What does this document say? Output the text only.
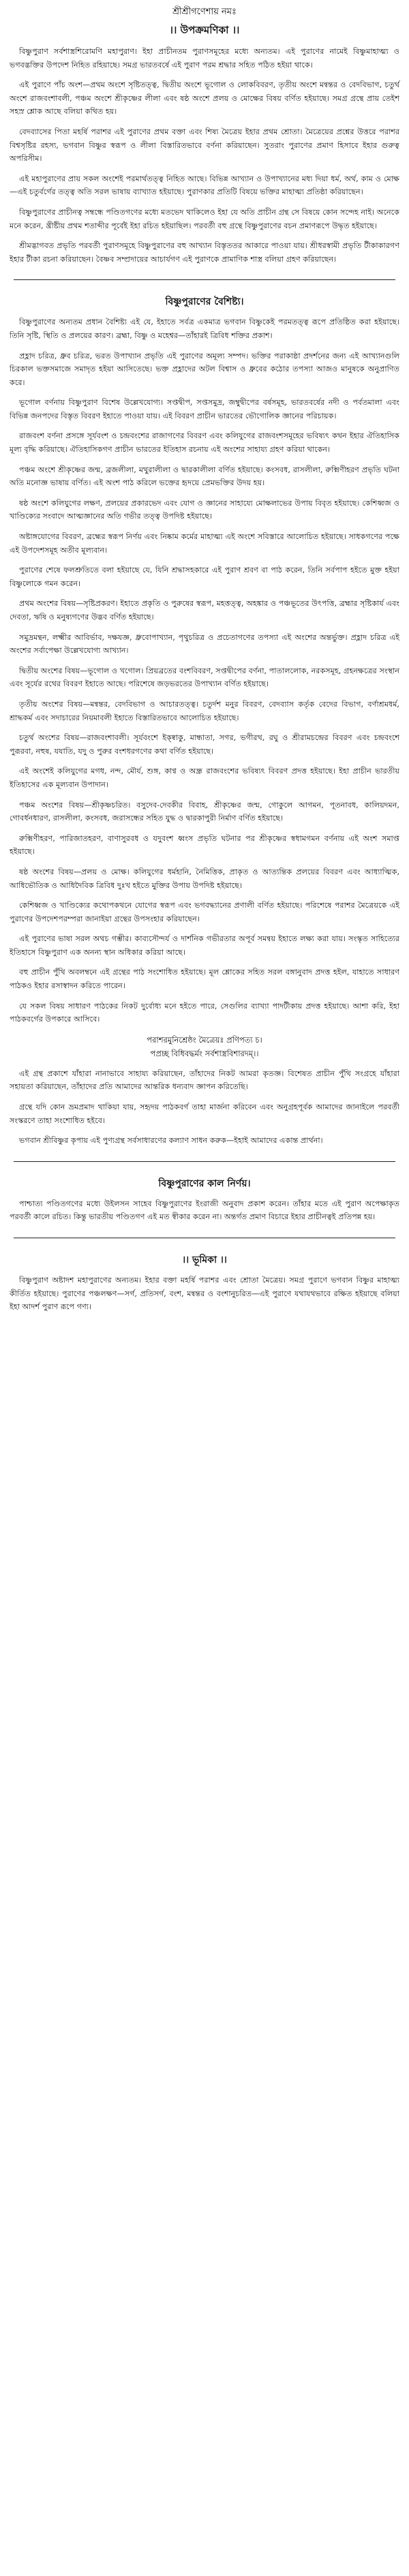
শ্রীশ্রীগণেশায় নমঃ
।। উপক্রমণিকা ।।

বিষ্ণুপুরাণ সর্বশাস্ত্রশিরোমণি মহাপুরাণ। ইহা প্রাচীনতম পুরাণসমূহের মধ্যে অন্যতম। এই পুরাণের নামেই বিষ্ণুমাহাত্ম্য ও ভগবদ্ভক্তির উপদেশ নিহিত রহিয়াছে। সমগ্র ভারতবর্ষে এই পুরাণ পরম শ্রদ্ধার সহিত পঠিত হইয়া থাকে।

এই পুরাণে পাঁচ অংশ—প্রথম অংশে সৃষ্টিতত্ত্ব, দ্বিতীয় অংশে ভূগোল ও লোকবিবরণ, তৃতীয় অংশে মন্বন্তর ও বেদবিভাগ, চতুর্থ অংশে রাজবংশাবলী, পঞ্চম অংশে শ্রীকৃষ্ণের লীলা এবং ষষ্ঠ অংশে প্রলয় ও মোক্ষের বিষয় বর্ণিত হইয়াছে। সমগ্র গ্রন্থে প্রায় তেইশ সহস্র শ্লোক আছে বলিয়া কথিত হয়।

বেদব্যাসের পিতা মহর্ষি পরাশর এই পুরাণের প্রথম বক্তা এবং শিষ্য মৈত্রেয় ইহার প্রথম শ্রোতা। মৈত্রেয়ের প্রশ্নের উত্তরে পরাশর বিশ্বসৃষ্টির রহস্য, ভগবান বিষ্ণুর স্বরূপ ও লীলা বিস্তারিতভাবে বর্ণনা করিয়াছেন। সুতরাং পুরাণের প্রমাণ হিসাবে ইহার গুরুত্ব অপরিসীম।

এই মহাপুরাণের প্রায় সকল অংশেই পরমার্থতত্ত্ব নিহিত আছে। বিভিন্ন আখ্যান ও উপাখ্যানের মধ্য দিয়া ধর্ম, অর্থ, কাম ও মোক্ষ—এই চতুর্বর্গের তত্ত্ব অতি সরল ভাষায় ব্যাখ্যাত হইয়াছে। পুরাণকার প্রতিটি বিষয়ে ভক্তির মাহাত্ম্য প্রতিষ্ঠা করিয়াছেন।

বিষ্ণুপুরাণের প্রাচীনত্ব সম্বন্ধে পণ্ডিতগণের মধ্যে মতভেদ থাকিলেও ইহা যে অতি প্রাচীন গ্রন্থ সে বিষয়ে কোন সন্দেহ নাই। অনেকে মনে করেন, খ্রীষ্টীয় প্রথম শতাব্দীর পূর্বেই ইহা রচিত হইয়াছিল। পরবর্তী বহু গ্রন্থে বিষ্ণুপুরাণের বচন প্রমাণরূপে উদ্ধৃত হইয়াছে।

শ্রীমদ্ভাগবত প্রভৃতি পরবর্তী পুরাণসমূহে বিষ্ণুপুরাণের বহু আখ্যান বিস্তৃততর আকারে পাওয়া যায়। শ্রীধরস্বামী প্রভৃতি টীকাকারগণ ইহার টীকা রচনা করিয়াছেন। বৈষ্ণব সম্প্রদায়ের আচার্যগণ এই পুরাণকে প্রামাণিক শাস্ত্র বলিয়া গ্রহণ করিয়াছেন।

বিষ্ণুপুরাণের বৈশিষ্ট্য।

বিষ্ণুপুরাণের অন্যতম প্রধান বৈশিষ্ট্য এই যে, ইহাতে সর্বত্র একমাত্র ভগবান বিষ্ণুকেই পরমতত্ত্ব রূপে প্রতিষ্ঠিত করা হইয়াছে। তিনি সৃষ্টি, স্থিতি ও প্রলয়ের কারণ। ব্রহ্মা, বিষ্ণু ও মহেশ্বর—তাঁহারই ত্রিবিধ শক্তির প্রকাশ।

প্রহ্লাদ চরিত্র, ধ্রুব চরিত্র, ভরত উপাখ্যান প্রভৃতি এই পুরাণের অমূল্য সম্পদ। ভক্তির পরাকাষ্ঠা প্রদর্শনের জন্য এই আখ্যানগুলি চিরকাল ভক্তসমাজে সমাদৃত হইয়া আসিতেছে। ভক্ত প্রহ্লাদের অটল বিশ্বাস ও ধ্রুবের কঠোর তপস্যা আজও মানুষকে অনুপ্রাণিত করে।

ভূগোল বর্ণনায় বিষ্ণুপুরাণ বিশেষ উল্লেখযোগ্য। সপ্তদ্বীপ, সপ্তসমুদ্র, জম্বুদ্বীপের বর্ষসমূহ, ভারতবর্ষের নদী ও পর্বতমালা এবং বিভিন্ন জনপদের বিস্তৃত বিবরণ ইহাতে পাওয়া যায়। এই বিবরণ প্রাচীন ভারতের ভৌগোলিক জ্ঞানের পরিচায়ক।

রাজবংশ বর্ণনা প্রসঙ্গে সূর্যবংশ ও চন্দ্রবংশের রাজাগণের বিবরণ এবং কলিযুগের রাজবংশসমূহের ভবিষ্যৎ কথন ইহার ঐতিহাসিক মূল্য বৃদ্ধি করিয়াছে। ঐতিহাসিকগণ প্রাচীন ভারতের ইতিহাস রচনায় এই অংশের সাহায্য গ্রহণ করিয়া থাকেন।

পঞ্চম অংশে শ্রীকৃষ্ণের জন্ম, ব্রজলীলা, মথুরালীলা ও দ্বারকালীলা বর্ণিত হইয়াছে। কংসবধ, রাসলীলা, রুক্মিণীহরণ প্রভৃতি ঘটনা অতি মনোজ্ঞ ভাষায় বর্ণিত। এই অংশ পাঠ করিলে ভক্তের হৃদয়ে প্রেমভক্তির উদয় হয়।

ষষ্ঠ অংশে কলিযুগের লক্ষণ, প্রলয়ের প্রকারভেদ এবং যোগ ও জ্ঞানের সাহায্যে মোক্ষলাভের উপায় বিবৃত হইয়াছে। কেশিধ্বজ ও খাণ্ডিক্যের সংবাদে আত্মজ্ঞানের অতি গভীর তত্ত্ব উপদিষ্ট হইয়াছে।

অষ্টাঙ্গযোগের বিবরণ, ব্রহ্মের স্বরূপ নির্ণয় এবং নিষ্কাম কর্মের মাহাত্ম্য এই অংশে সবিস্তারে আলোচিত হইয়াছে। সাধকগণের পক্ষে এই উপদেশসমূহ অতীব মূল্যবান।

পুরাণের শেষে ফলশ্রুতিতে বলা হইয়াছে যে, যিনি শ্রদ্ধাসহকারে এই পুরাণ শ্রবণ বা পাঠ করেন, তিনি সর্বপাপ হইতে মুক্ত হইয়া বিষ্ণুলোকে গমন করেন।

প্রথম অংশের বিষয়—সৃষ্টিপ্রকরণ। ইহাতে প্রকৃতি ও পুরুষের স্বরূপ, মহত্তত্ত্ব, অহঙ্কার ও পঞ্চভূতের উৎপত্তি, ব্রহ্মার সৃষ্টিকার্য এবং দেবতা, ঋষি ও মনুষ্যগণের উদ্ভব বর্ণিত হইয়াছে।

সমুদ্রমন্থন, লক্ষ্মীর আবির্ভাব, দক্ষযজ্ঞ, ধ্রুবোপাখ্যান, পৃথুচরিত্র ও প্রচেতাগণের তপস্যা এই অংশের অন্তর্ভুক্ত। প্রহ্লাদ চরিত্র এই অংশের সর্বাপেক্ষা উল্লেখযোগ্য আখ্যান।

দ্বিতীয় অংশের বিষয়—ভূগোল ও খগোল। প্রিয়ব্রতের বংশবিবরণ, সপ্তদ্বীপের বর্ণনা, পাতাললোক, নরকসমূহ, গ্রহনক্ষত্রের সংস্থান এবং সূর্যের রথের বিবরণ ইহাতে আছে। পরিশেষে জড়ভরতের উপাখ্যান বর্ণিত হইয়াছে।

তৃতীয় অংশের বিষয়—মন্বন্তর, বেদবিভাগ ও আচারতত্ত্ব। চতুর্দশ মনুর বিবরণ, বেদব্যাস কর্তৃক বেদের বিভাগ, বর্ণাশ্রমধর্ম, শ্রাদ্ধকর্ম এবং সদাচারের নিয়মাবলী ইহাতে বিস্তারিতভাবে আলোচিত হইয়াছে।

চতুর্থ অংশের বিষয়—রাজবংশাবলী। সূর্যবংশে ইক্ষ্বাকু, মান্ধাতা, সগর, ভগীরথ, রঘু ও শ্রীরামচন্দ্রের বিবরণ এবং চন্দ্রবংশে পুরূরবা, নহুষ, যযাতি, যদু ও পুরুর বংশধরগণের কথা বর্ণিত হইয়াছে।

এই অংশেই কলিযুগের মগধ, নন্দ, মৌর্য, শুঙ্গ, কাণ্ব ও অন্ধ্র রাজবংশের ভবিষ্যৎ বিবরণ প্রদত্ত হইয়াছে। ইহা প্রাচীন ভারতীয় ইতিহাসের এক মূল্যবান উপাদান।

পঞ্চম অংশের বিষয়—শ্রীকৃষ্ণচরিত। বসুদেব-দেবকীর বিবাহ, শ্রীকৃষ্ণের জন্ম, গোকুলে আগমন, পূতনাবধ, কালিয়দমন, গোবর্ধনধারণ, রাসলীলা, কংসবধ, জরাসন্ধের সহিত যুদ্ধ ও দ্বারকাপুরী নির্মাণ বর্ণিত হইয়াছে।

রুক্মিণীহরণ, পারিজাতহরণ, বাণাসুরবধ ও যদুবংশ ধ্বংস প্রভৃতি ঘটনার পর শ্রীকৃষ্ণের স্বধামগমন বর্ণনায় এই অংশ সমাপ্ত হইয়াছে।

ষষ্ঠ অংশের বিষয়—প্রলয় ও মোক্ষ। কলিযুগের ধর্মহানি, নৈমিত্তিক, প্রাকৃত ও আত্যন্তিক প্রলয়ের বিবরণ এবং আধ্যাত্মিক, আধিভৌতিক ও আধিদৈবিক ত্রিবিধ দুঃখ হইতে মুক্তির উপায় উপদিষ্ট হইয়াছে।

কেশিধ্বজ ও খাণ্ডিক্যের কথোপকথনে যোগের স্বরূপ এবং ভগবদ্ধ্যানের প্রণালী বর্ণিত হইয়াছে। পরিশেষে পরাশর মৈত্রেয়কে এই পুরাণের উপদেশপরম্পরা জানাইয়া গ্রন্থের উপসংহার করিয়াছেন।

এই পুরাণের ভাষা সরল অথচ গম্ভীর। কাব্যসৌন্দর্য ও দার্শনিক গভীরতার অপূর্ব সমন্বয় ইহাতে লক্ষ্য করা যায়। সংস্কৃত সাহিত্যের ইতিহাসে বিষ্ণুপুরাণ এক অনন্য স্থান অধিকার করিয়া আছে।

বহু প্রাচীন পুঁথি অবলম্বনে এই গ্রন্থের পাঠ সংশোধিত হইয়াছে। মূল শ্লোকের সহিত সরল বঙ্গানুবাদ প্রদত্ত হইল, যাহাতে সাধারণ পাঠকও ইহার রসাস্বাদন করিতে পারেন।

যে সকল বিষয় সাধারণ পাঠকের নিকট দুর্বোধ্য মনে হইতে পারে, সেগুলির ব্যাখ্যা পাদটীকায় প্রদত্ত হইয়াছে। আশা করি, ইহা পাঠকবর্গের উপকারে আসিবে।

পরাশরমুনিশ্রেষ্ঠং মৈত্রেয়ঃ প্রণিপত্য চ।
পপ্রচ্ছ বিধিবদ্ধর্মং সর্বশাস্ত্রবিশারদম্।।

এই গ্রন্থ প্রকাশে যাঁহারা নানাভাবে সাহায্য করিয়াছেন, তাঁহাদের নিকট আমরা কৃতজ্ঞ। বিশেষত প্রাচীন পুঁথি সংগ্রহে যাঁহারা সহায়তা করিয়াছেন, তাঁহাদের প্রতি আমাদের আন্তরিক ধন্যবাদ জ্ঞাপন করিতেছি।

গ্রন্থে যদি কোন ভ্রমপ্রমাদ থাকিয়া যায়, সহৃদয় পাঠকবর্গ তাহা মার্জনা করিবেন এবং অনুগ্রহপূর্বক আমাদের জানাইলে পরবর্তী সংস্করণে তাহা সংশোধিত হইবে।

ভগবান শ্রীবিষ্ণুর কৃপায় এই পুণ্যগ্রন্থ সর্বসাধারণের কল্যাণ সাধন করুক—ইহাই আমাদের একান্ত প্রার্থনা।

বিষ্ণুপুরাণের কাল নির্ণয়।

পাশ্চাত্য পণ্ডিতগণের মধ্যে উইলসন সাহেব বিষ্ণুপুরাণের ইংরাজী অনুবাদ প্রকাশ করেন। তাঁহার মতে এই পুরাণ অপেক্ষাকৃত পরবর্তী কালে রচিত। কিন্তু ভারতীয় পণ্ডিতগণ এই মত স্বীকার করেন না। অন্তর্গত প্রমাণ বিচারে ইহার প্রাচীনত্বই প্রতিপন্ন হয়।

।। ভূমিকা ।।

বিষ্ণুপুরাণ অষ্টাদশ মহাপুরাণের অন্যতম। ইহার বক্তা মহর্ষি পরাশর এবং শ্রোতা মৈত্রেয়। সমগ্র পুরাণে ভগবান বিষ্ণুর মাহাত্ম্য কীর্তিত হইয়াছে। পুরাণের পঞ্চলক্ষণ—সর্গ, প্রতিসর্গ, বংশ, মন্বন্তর ও বংশানুচরিত—এই পুরাণে যথাযথভাবে রক্ষিত হইয়াছে বলিয়া ইহা আদর্শ পুরাণ রূপে গণ্য।
